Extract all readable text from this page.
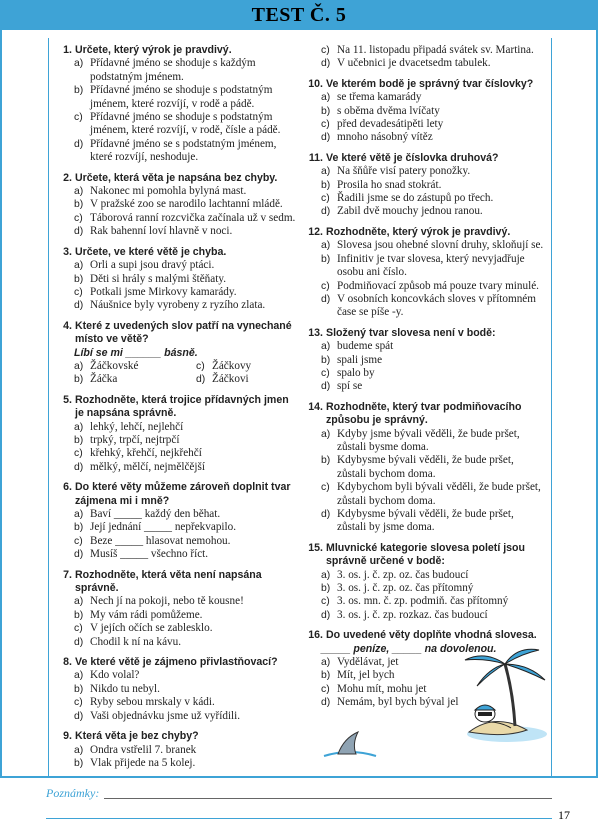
TEST Č. 5
1. Určete, který výrok je pravdivý.
a) Přídavné jméno se shoduje s každým podstatným jménem.
b) Přídavné jméno se shoduje s podstatným jménem, které rozvíjí, v rodě a pádě.
c) Přídavné jméno se shoduje s podstatným jménem, které rozvíjí, v rodě, čísle a pádě.
d) Přídavné jméno se s podstatným jménem, které rozvíjí, neshoduje.
2. Určete, která věta je napsána bez chyby.
a) Nakonec mi pomohla bylyná mast.
b) V pražské zoo se narodilo lachtanní mládě.
c) Táborová ranní rozcvička začínala už v sedm.
d) Rak bahenní loví hlavně v noci.
3. Určete, ve které větě je chyba.
a) Orli a supi jsou dravý ptáci.
b) Děti si hrály s malými štěňaty.
c) Potkali jsme Mirkovy kamarády.
d) Náušnice byly vyrobeny z ryzího zlata.
4. Které z uvedených slov patří na vynechané místo ve větě?
Líbí se mi ______ básně.
a) Žáčkovské	c) Žáčkovy
b) Žáčka	d) Žáčkovi
5. Rozhodněte, která trojice přídavných jmen je napsána správně.
a) lehký, lehčí, nejlehčí
b) trpký, trpčí, nejtrpčí
c) křehký, křehčí, nejkřehčí
d) mělký, mělčí, nejmělčější
6. Do které věty můžeme zároveň doplnit tvar zájmena mi i mně?
a) Baví _____ každý den běhat.
b) Její jednání _____ nepřekvapilo.
c) Beze _____ hlasovat nemohou.
d) Musíš _____ všechno říct.
7. Rozhodněte, která věta není napsána správně.
a) Nech jí na pokoji, nebo tě kousne!
b) My vám rádi pomůžeme.
c) V jejích očích se zablesklo.
d) Chodil k ní na kávu.
8. Ve které větě je zájmeno přivlastňovací?
a) Kdo volal?
b) Nikdo tu nebyl.
c) Ryby sebou mrskaly v kádi.
d) Vaši objednávku jsme už vyřídili.
9. Která věta je bez chyby?
a) Ondra vstřelil 7. branek
b) Vlak přijede na 5 kolej.
c) Na 11. listopadu připadá svátek sv. Martina.
d) V učebnici je dvacetsedm tabulek.
10. Ve kterém bodě je správný tvar číslovky?
a) se třema kamarády
b) s oběma dvěma lvíčaty
c) před devadesátipěti lety
d) mnoho násobný vítěz
11. Ve které větě je číslovka druhová?
a) Na šňůře visí patery ponožky.
b) Prosila ho snad stokrát.
c) Řadili jsme se do zástupů po třech.
d) Zabil dvě mouchy jednou ranou.
12. Rozhodněte, který výrok je pravdivý.
a) Slovesa jsou ohebné slovní druhy, skloňují se.
b) Infinitiv je tvar slovesa, který nevyjadřuje osobu ani číslo.
c) Podmiňovací způsob má pouze tvary minulé.
d) V osobních koncovkách sloves v přítomném čase se píše -y.
13. Složený tvar slovesa není v bodě:
a) budeme spát
b) spali jsme
c) spalo by
d) spí se
14. Rozhodněte, který tvar podmiňovacího způsobu je správný.
a) Kdyby jsme bývali věděli, že bude pršet, zůstali bysme doma.
b) Kdybysme bývali věděli, že bude pršet, zůstali bychom doma.
c) Kdybychom byli bývali věděli, že bude pršet, zůstali bychom doma.
d) Kdybysme bývali věděli, že bude pršet, zůstali by jsme doma.
15. Mluvnické kategorie slovesa poletí jsou správně určené v bodě:
a) 3. os. j. č. zp. oz. čas budoucí
b) 3. os. j. č. zp. oz. čas přítomný
c) 3. os. mn. č. zp. podmiň. čas přítomný
d) 3. os. j. č. zp. rozkaz. čas budoucí
16. Do uvedené věty doplňte vhodná slovesa.
_____ peníze, _____ na dovolenou.
a) Vydělávat, jet
b) Mít, jel bych
c) Mohu mít, mohu jet
d) Nemám, byl bych býval jel
Poznámky:
17
